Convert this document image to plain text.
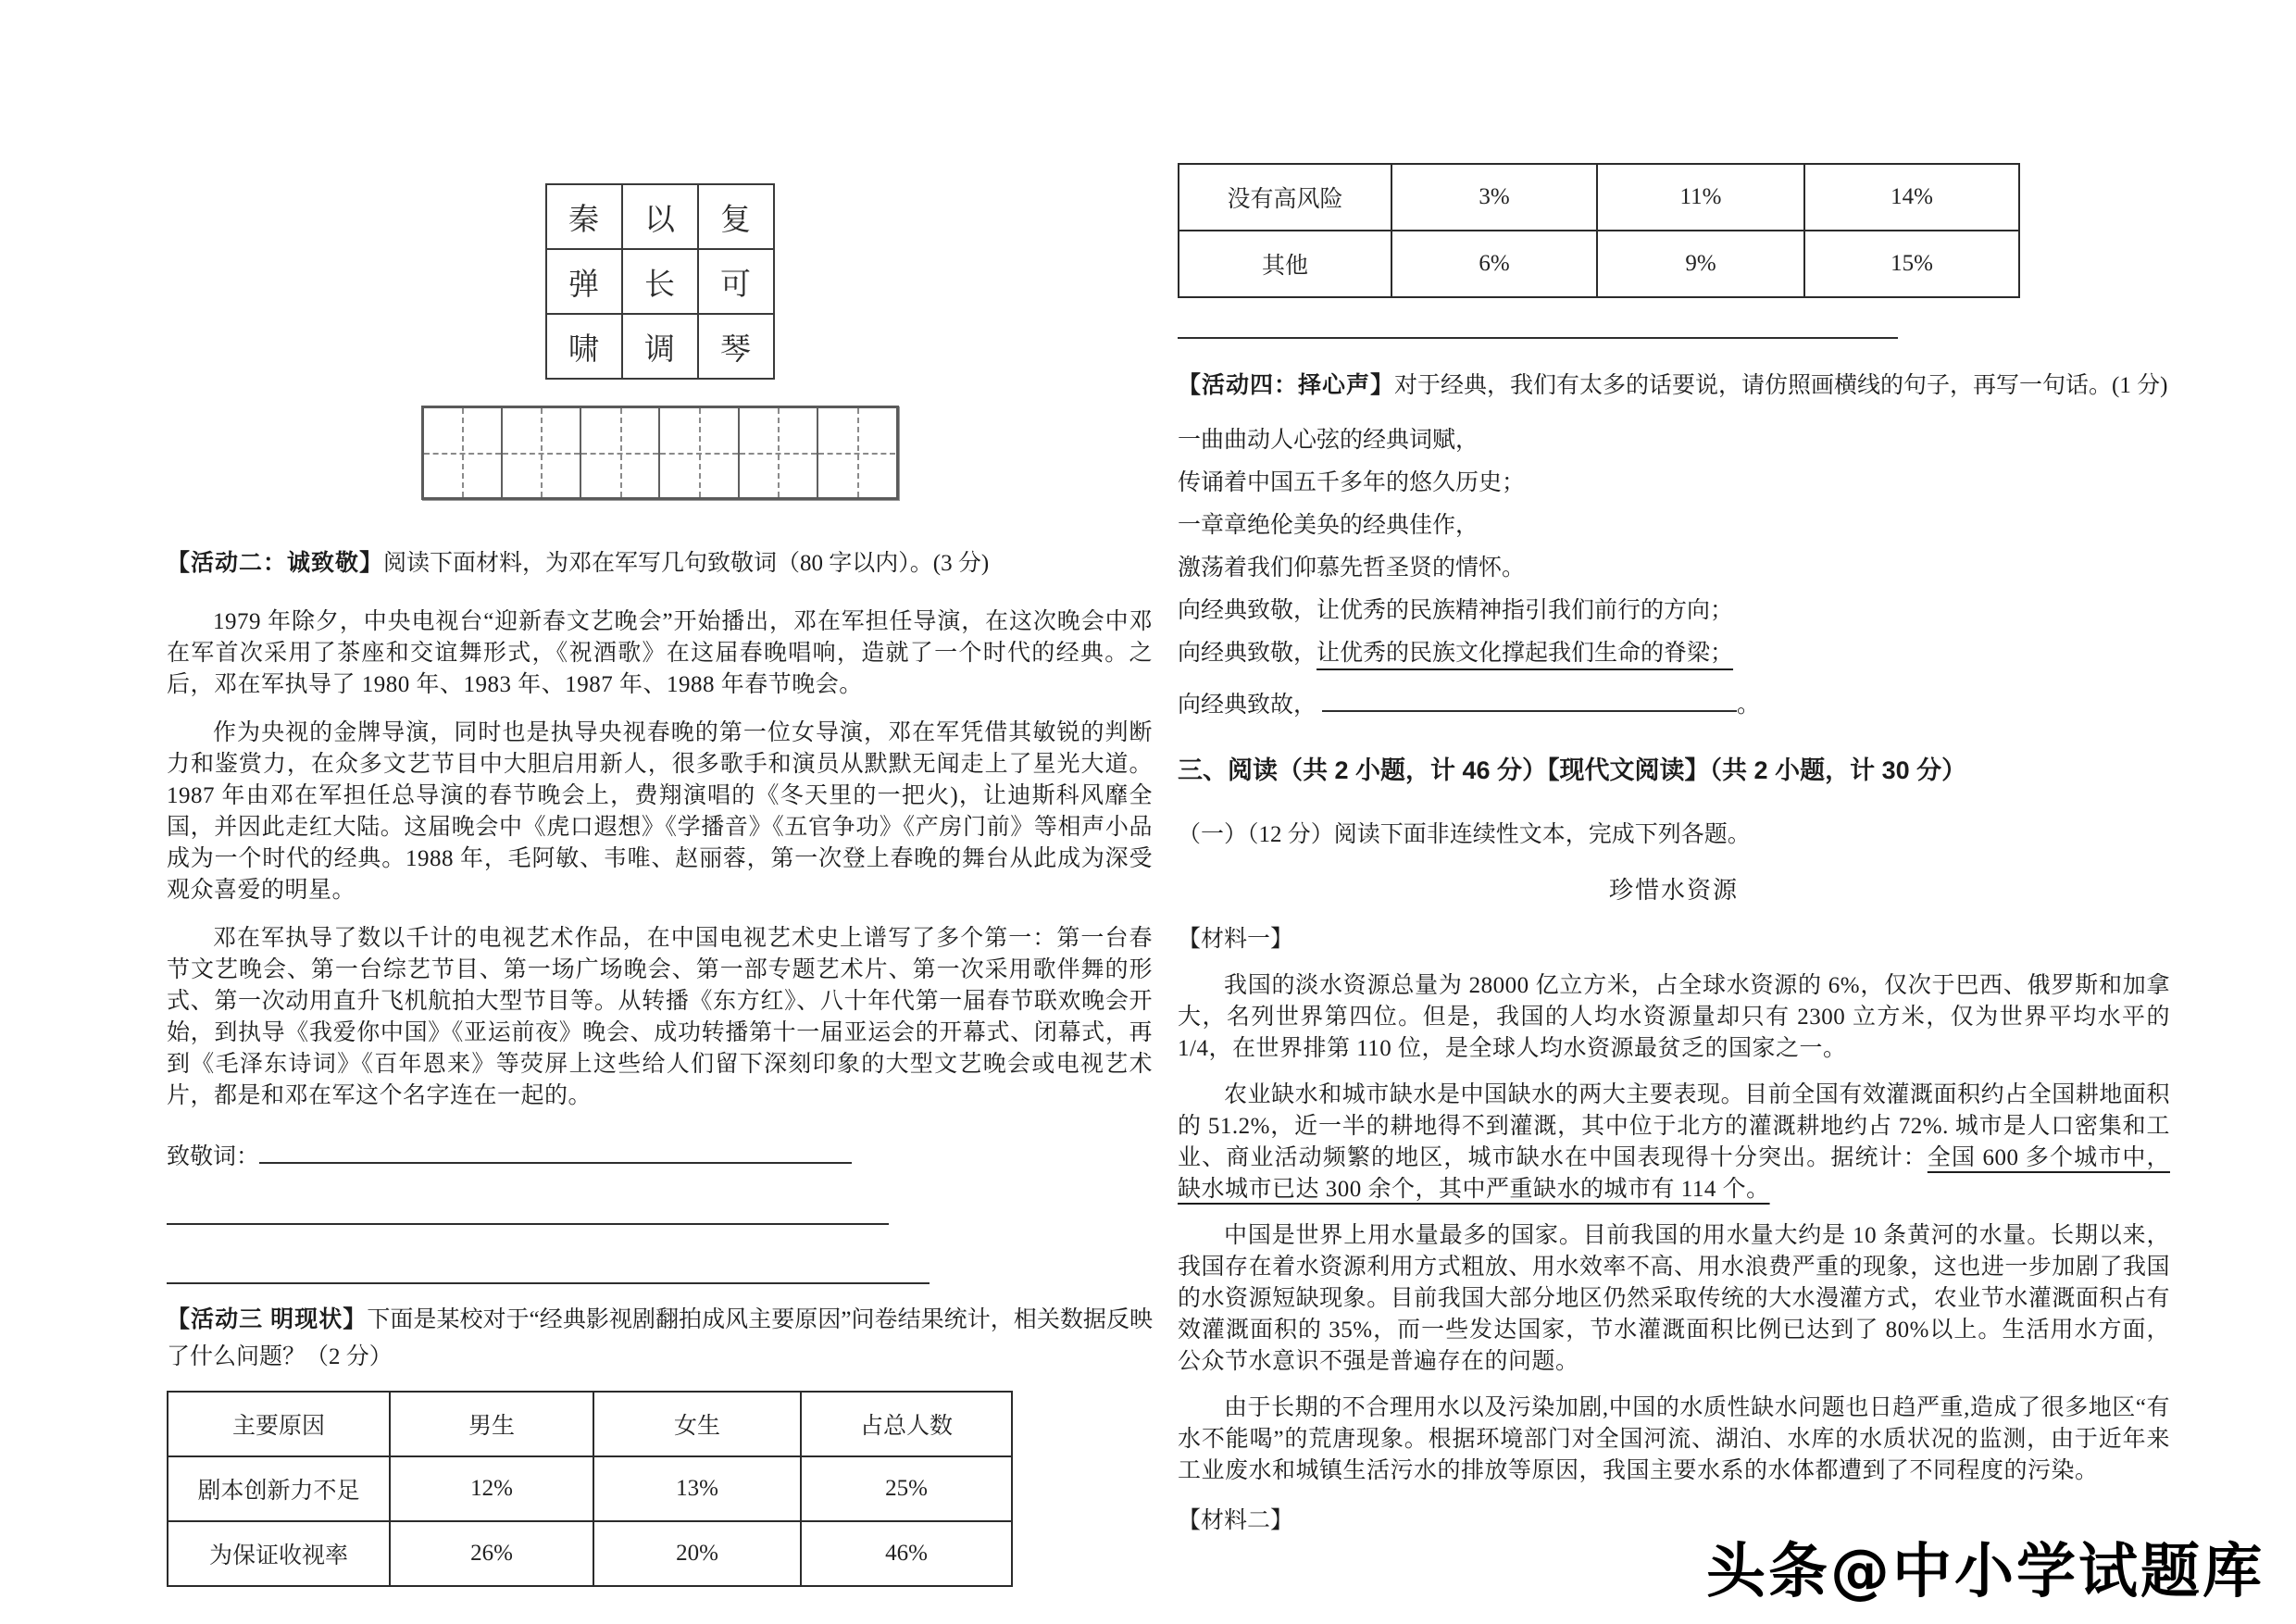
秦	以	复
弹	长	可
啸	调	琴

【活动二：诚致敬】阅读下面材料，为邓在军写几句致敬词（80 字以内）。(3 分)

1979 年除夕，中央电视台“迎新春文艺晚会”开始播出，邓在军担任导演，在这次晚会中邓在军首次采用了茶座和交谊舞形式，《祝酒歌》在这届春晚唱响，造就了一个时代的经典。之后，邓在军执导了 1980 年、1983 年、1987 年、1988 年春节晚会。

作为央视的金牌导演，同时也是执导央视春晚的第一位女导演，邓在军凭借其敏锐的判断力和鉴赏力，在众多文艺节目中大胆启用新人，很多歌手和演员从默默无闻走上了星光大道。1987 年由邓在军担任总导演的春节晚会上，费翔演唱的《冬天里的一把火)，让迪斯科风靡全国，并因此走红大陆。这届晚会中《虎口遐想》《学播音》《五官争功》《产房门前》等相声小品成为一个时代的经典。1988 年，毛阿敏、韦唯、赵丽蓉，第一次登上春晚的舞台从此成为深受观众喜爱的明星。

邓在军执导了数以千计的电视艺术作品，在中国电视艺术史上谱写了多个第一：第一台春节文艺晚会、第一台综艺节目、第一场广场晚会、第一部专题艺术片、第一次采用歌伴舞的形式、第一次动用直升飞机航拍大型节目等。从转播《东方红》、八十年代第一届春节联欢晚会开始，到执导《我爱你中国》《亚运前夜》晚会、成功转播第十一届亚运会的开幕式、闭幕式，再到《毛泽东诗词》《百年恩来》等荧屏上这些给人们留下深刻印象的大型文艺晚会或电视艺术片，都是和邓在军这个名字连在一起的。

致敬词：

【活动三 明现状】下面是某校对于“经典影视剧翻拍成风主要原因”问卷结果统计，相关数据反映了什么问题？（2 分）

主要原因	男生	女生	占总人数
剧本创新力不足	12%	13%	25%
为保证收视率	26%	20%	46%
没有高风险	3%	11%	14%
其他	6%	9%	15%

【活动四：择心声】对于经典，我们有太多的话要说，请仿照画横线的句子，再写一句话。(1 分)

一曲曲动人心弦的经典词赋，

传诵着中国五千多年的悠久历史；

一章章绝伦美奂的经典佳作，

激荡着我们仰慕先哲圣贤的情怀。

向经典致敬，让优秀的民族精神指引我们前行的方向；

向经典致敬，让优秀的民族文化撑起我们生命的脊梁；

向经典致故，	。

三、阅读（共 2 小题，计 46 分）【现代文阅读】（共 2 小题，计 30 分）

（一）（12 分）阅读下面非连续性文本，完成下列各题。

珍惜水资源

【材料一】

我国的淡水资源总量为 28000 亿立方米，占全球水资源的 6%，仅次于巴西、俄罗斯和加拿大，名列世界第四位。但是，我国的人均水资源量却只有 2300 立方米，仅为世界平均水平的 1/4，在世界排第 110 位，是全球人均水资源最贫乏的国家之一。

农业缺水和城市缺水是中国缺水的两大主要表现。目前全国有效灌溉面积约占全国耕地面积的 51.2%，近一半的耕地得不到灌溉，其中位于北方的灌溉耕地约占 72%. 城市是人口密集和工业、商业活动频繁的地区，城市缺水在中国表现得十分突出。据统计：全国 600 多个城市中，缺水城市已达 300 余个，其中严重缺水的城市有 114 个。

中国是世界上用水量最多的国家。目前我国的用水量大约是 10 条黄河的水量。长期以来，我国存在着水资源利用方式粗放、用水效率不高、用水浪费严重的现象，这也进一步加剧了我国的水资源短缺现象。目前我国大部分地区仍然采取传统的大水漫灌方式，农业节水灌溉面积占有效灌溉面积的 35%，而一些发达国家，节水灌溉面积比例已达到了 80%以上。生活用水方面，公众节水意识不强是普遍存在的问题。

由于长期的不合理用水以及污染加剧,中国的水质性缺水问题也日趋严重,造成了很多地区“有水不能喝”的荒唐现象。根据环境部门对全国河流、湖泊、水库的水质状况的监测，由于近年来工业废水和城镇生活污水的排放等原因，我国主要水系的水体都遭到了不同程度的污染。

【材料二】

头条@中小学试题库
